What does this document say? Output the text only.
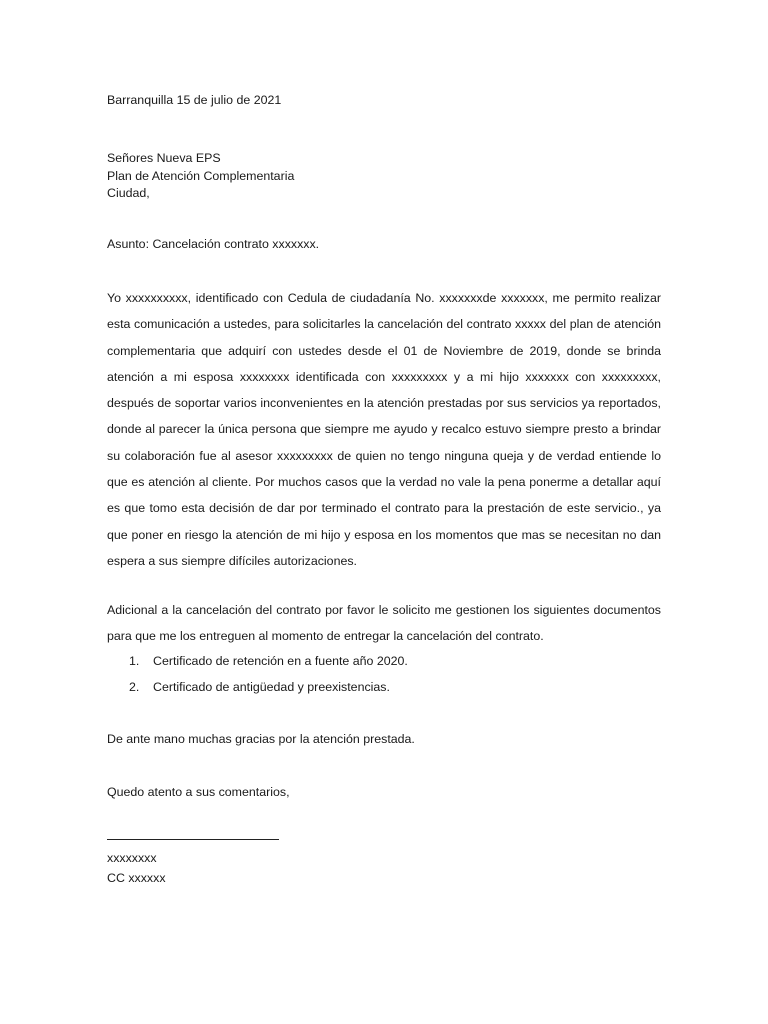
Barranquilla 15 de julio de 2021
Señores Nueva EPS
Plan de Atención Complementaria
Ciudad,
Asunto: Cancelación contrato xxxxxxx.
Yo xxxxxxxxxx, identificado con Cedula de ciudadanía No. xxxxxxxde xxxxxxx, me permito realizar esta comunicación a ustedes, para solicitarles la cancelación del contrato xxxxx del plan de atención complementaria que adquirí con ustedes desde el 01 de Noviembre de 2019, donde se brinda atención a mi esposa xxxxxxxx identificada con xxxxxxxxx y a mi hijo xxxxxxx con xxxxxxxxx, después de soportar varios inconvenientes en la atención prestadas por sus servicios ya reportados, donde al parecer la única persona que siempre me ayudo y recalco estuvo siempre presto a brindar su colaboración fue al asesor xxxxxxxxx de quien no tengo ninguna queja y de verdad entiende lo que es atención al cliente. Por muchos casos que la verdad no vale la pena ponerme a detallar aquí es que tomo esta decisión de dar por terminado el contrato para la prestación de este servicio., ya que poner en riesgo la atención de mi hijo y esposa en los momentos que mas se necesitan no dan espera a sus siempre difíciles autorizaciones.
Adicional a la cancelación del contrato por favor le solicito me gestionen los siguientes documentos para que me los entreguen al momento de entregar la cancelación del contrato.
1. Certificado de retención en a fuente año 2020.
2. Certificado de antigüedad y preexistencias.
De ante mano muchas gracias por la atención prestada.
Quedo atento a sus comentarios,
xxxxxxxx
CC xxxxxx
